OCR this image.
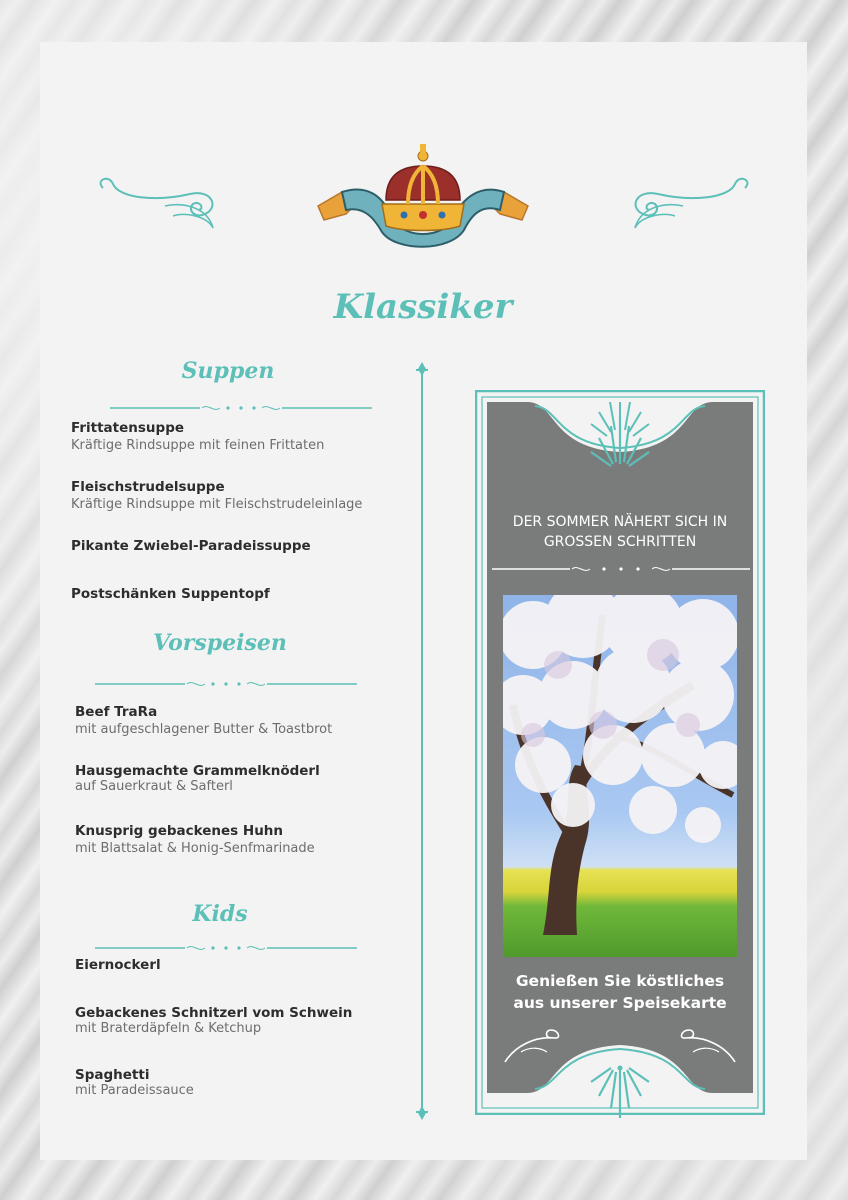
Klassiker
Suppen
Frittatensuppe
Kräftige Rindsuppe mit feinen Frittaten
Fleischstrudelsuppe
Kräftige Rindsuppe mit Fleischstrudeleinlage
Pikante Zwiebel-Paradeissuppe
Postschänken Suppentopf
Vorspeisen
Beef TraRa
mit aufgeschlagener Butter & Toastbrot
Hausgemachte Grammelknöderl
auf Sauerkraut & Safterl
Knusprig gebackenes Huhn
mit Blattsalat & Honig-Senfmarinade
Kids
Eiernockerl
Gebackenes Schnitzerl vom Schwein
mit Braterdäpfeln & Ketchup
Spaghetti
mit Paradeissauce
DER SOMMER NÄHERT SICH IN
GROSSEN SCHRITTEN
Genießen Sie köstliches
aus unserer Speisekarte
